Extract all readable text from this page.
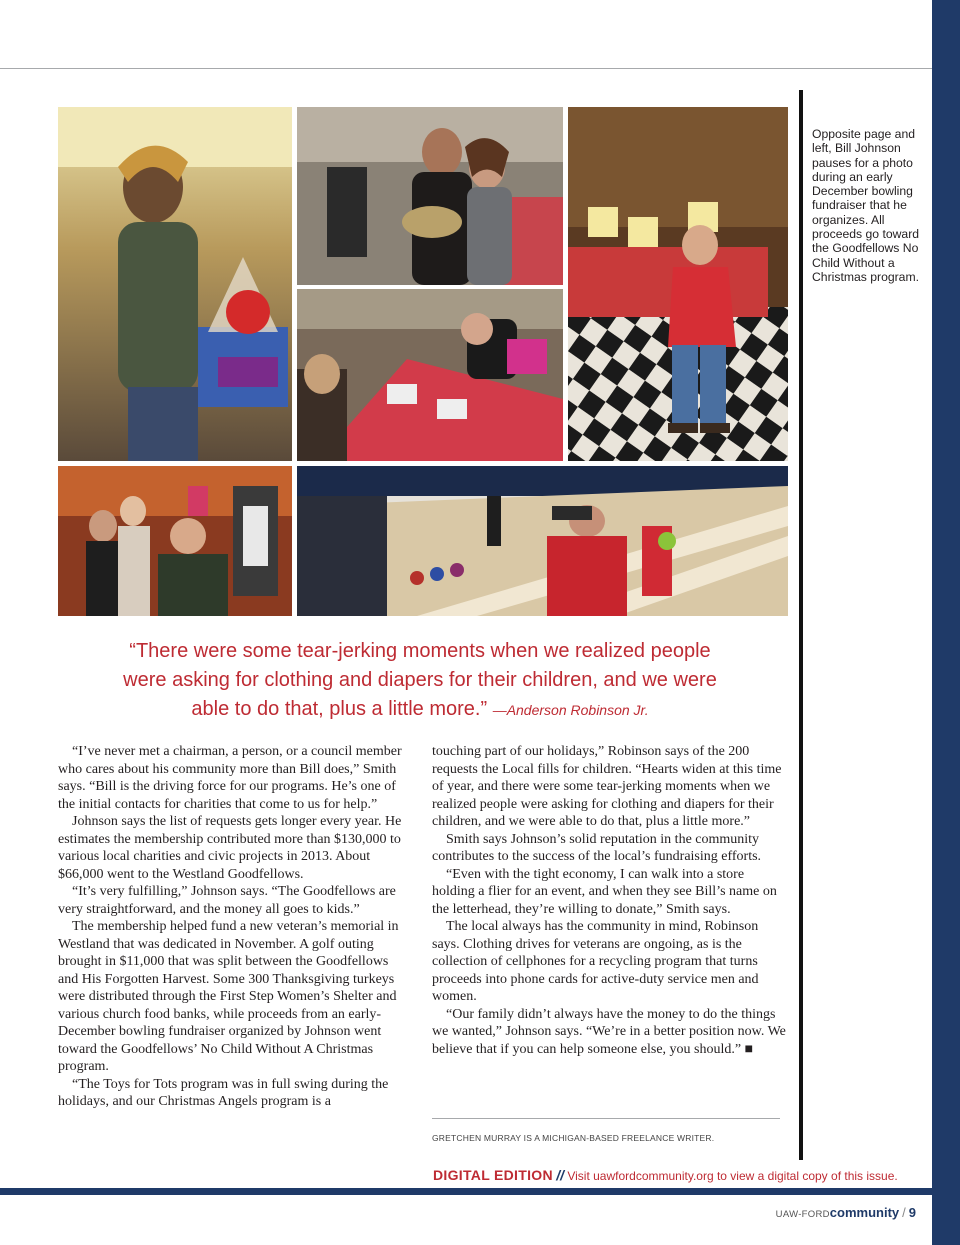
Opposite page and left, Bill Johnson pauses for a photo during an early December bowling fundraiser that he organizes. All proceeds go toward the Goodfellows No Child Without a Christmas program.
“There were some tear-jerking moments when we realized people were asking for clothing and diapers for their children, and we were able to do that, plus a little more.” —Anderson Robinson Jr.

“I’ve never met a chairman, a person, or a council member who cares about his community more than Bill does,” Smith says. “Bill is the driving force for our programs. He’s one of the initial contacts for charities that come to us for help.”

Johnson says the list of requests gets longer every year. He estimates the membership contributed more than $130,000 to various local charities and civic projects in 2013. About $66,000 went to the Westland Goodfellows.

“It’s very fulfilling,” Johnson says. “The Goodfellows are very straightforward, and the money all goes to kids.”

The membership helped fund a new veteran’s memorial in Westland that was dedicated in November. A golf outing brought in $11,000 that was split between the Goodfellows and His Forgotten Harvest. Some 300 Thanksgiving turkeys were distributed through the First Step Women’s Shelter and various church food banks, while proceeds from an early-December bowling fundraiser organized by Johnson went toward the Goodfellows’ No Child Without A Christmas program.

“The Toys for Tots program was in full swing during the holidays, and our Christmas Angels program is a

touching part of our holidays,” Robinson says of the 200 requests the Local fills for children. “Hearts widen at this time of year, and there were some tear-jerking moments when we realized people were asking for clothing and diapers for their children, and we were able to do that, plus a little more.”

Smith says Johnson’s solid reputation in the community contributes to the success of the local’s fundraising efforts.

“Even with the tight economy, I can walk into a store holding a flier for an event, and when they see Bill’s name on the letterhead, they’re willing to donate,” Smith says.

The local always has the community in mind, Robinson says. Clothing drives for veterans are ongoing, as is the collection of cellphones for a recycling program that turns proceeds into phone cards for active-duty service men and women.

“Our family didn’t always have the money to do the things we wanted,” Johnson says. “We’re in a better position now. We believe that if you can help someone else, you should.” ■

GRETCHEN MURRAY IS A MICHIGAN-BASED FREELANCE WRITER.
DIGITAL EDITION // Visit uawfordcommunity.org to view a digital copy of this issue.
UAW-FORDcommunity / 9
